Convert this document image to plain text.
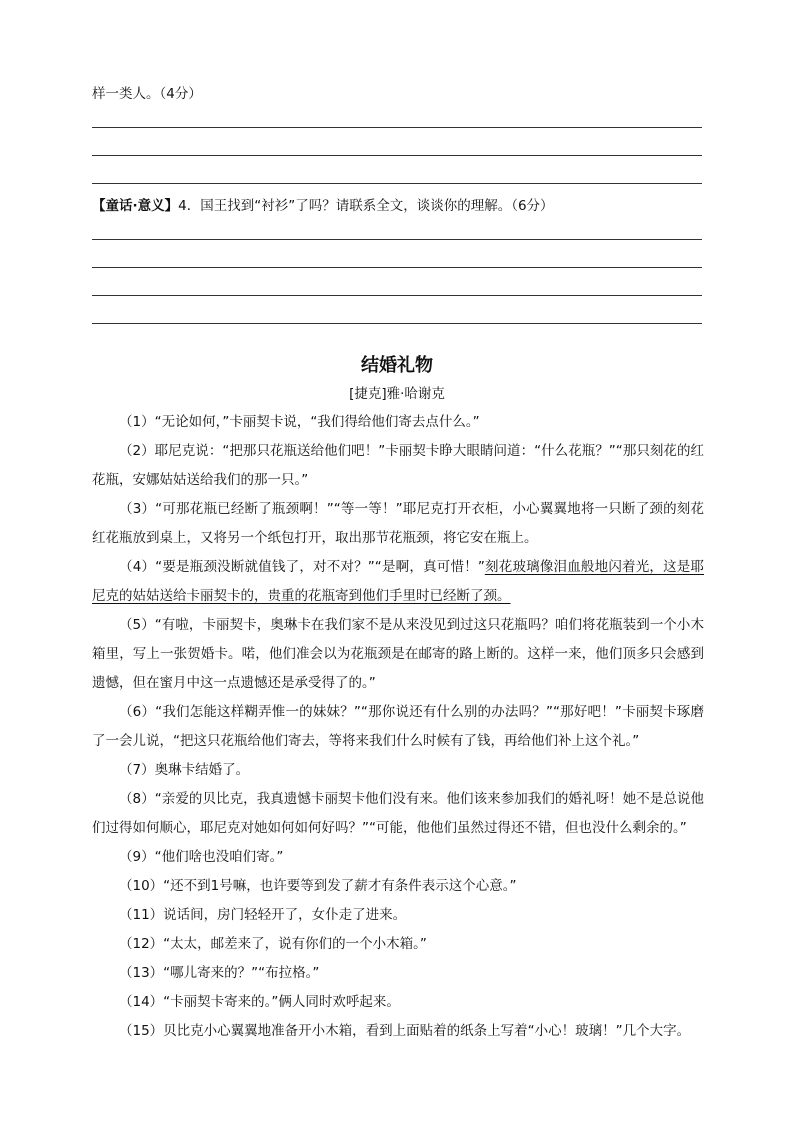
样一类人。（4分）
【童话·意义】4．国王找到“衬衫”了吗？请联系全文，谈谈你的理解。（6分）
结婚礼物
[捷克]雅·哈谢克

（1）“无论如何，”卡丽契卡说，“我们得给他们寄去点什么。”

（2）耶尼克说：“把那只花瓶送给他们吧！”卡丽契卡睁大眼睛问道：“什么花瓶？”“那只刻花的红花瓶，安娜姑姑送给我们的那一只。”

（3）“可那花瓶已经断了瓶颈啊！”“等一等！”耶尼克打开衣柜，小心翼翼地将一只断了颈的刻花红花瓶放到桌上，又将另一个纸包打开，取出那节花瓶颈，将它安在瓶上。

（4）“要是瓶颈没断就值钱了，对不对？”“是啊，真可惜！”刻花玻璃像泪血般地闪着光，这是耶尼克的姑姑送给卡丽契卡的，贵重的花瓶寄到他们手里时已经断了颈。

（5）“有啦，卡丽契卡，奥琳卡在我们家不是从来没见到过这只花瓶吗？咱们将花瓶装到一个小木箱里，写上一张贺婚卡。喏，他们准会以为花瓶颈是在邮寄的路上断的。这样一来，他们顶多只会感到遗憾，但在蜜月中这一点遗憾还是承受得了的。”

（6）“我们怎能这样糊弄惟一的妹妹？”“那你说还有什么别的办法吗？”“那好吧！”卡丽契卡琢磨了一会儿说，“把这只花瓶给他们寄去，等将来我们什么时候有了钱，再给他们补上这个礼。”

（7）奥琳卡结婚了。

（8）“亲爱的贝比克，我真遗憾卡丽契卡他们没有来。他们该来参加我们的婚礼呀！她不是总说他们过得如何顺心，耶尼克对她如何如何好吗？”“可能，他他们虽然过得还不错，但也没什么剩余的。”

（9）“他们啥也没咱们寄。”

（10）“还不到1号嘛，也许要等到发了薪才有条件表示这个心意。”

（11）说话间，房门轻轻开了，女仆走了进来。

（12）“太太，邮差来了，说有你们的一个小木箱。”

（13）“哪儿寄来的？”“布拉格。”

（14）“卡丽契卡寄来的。”俩人同时欢呼起来。

（15）贝比克小心翼翼地准备开小木箱，看到上面贴着的纸条上写着“小心！玻璃！”几个大字。
